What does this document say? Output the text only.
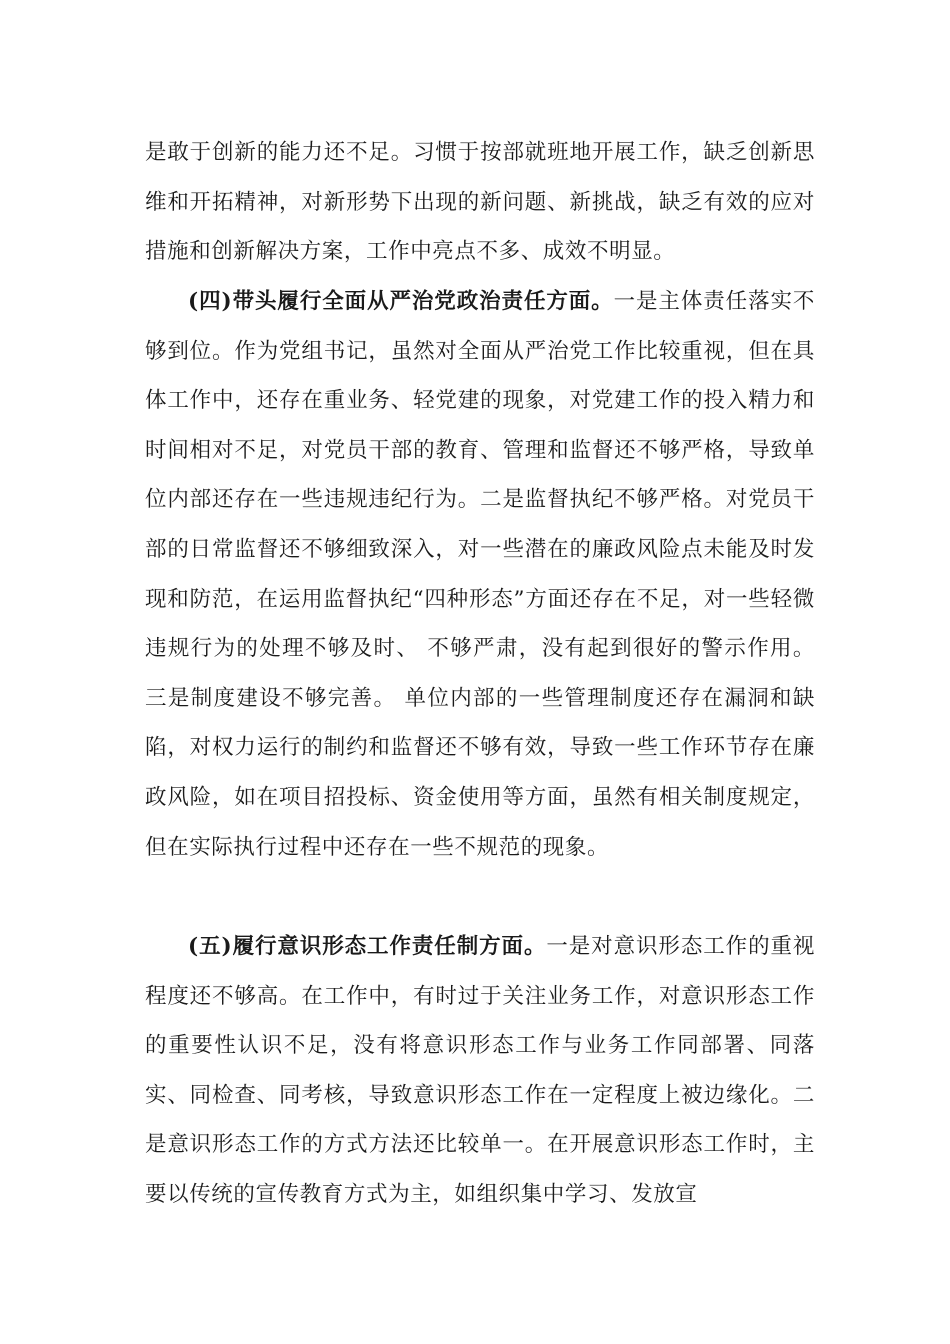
是敢于创新的能力还不足。习惯于按部就班地开展工作，缺乏创新思维和开拓精神，对新形势下出现的新问题、新挑战，缺乏有效的应对措施和创新解决方案，工作中亮点不多、成效不明显。

(四)带头履行全面从严治党政治责任方面。一是主体责任落实不够到位。作为党组书记，虽然对全面从严治党工作比较重视，但在具体工作中，还存在重业务、轻党建的现象，对党建工作的投入精力和时间相对不足，对党员干部的教育、管理和监督还不够严格，导致单位内部还存在一些违规违纪行为。二是监督执纪不够严格。对党员干部的日常监督还不够细致深入，对一些潜在的廉政风险点未能及时发现和防范，在运用监督执纪“四种形态”方面还存在不足，对一些轻微违规行为的处理不够及时、 不够严肃，没有起到很好的警示作用。三是制度建设不够完善。 单位内部的一些管理制度还存在漏洞和缺陷，对权力运行的制约和监督还不够有效，导致一些工作环节存在廉政风险，如在项目招投标、资金使用等方面，虽然有相关制度规定，但在实际执行过程中还存在一些不规范的现象。

(五)履行意识形态工作责任制方面。一是对意识形态工作的重视程度还不够高。在工作中，有时过于关注业务工作，对意识形态工作的重要性认识不足，没有将意识形态工作与业务工作同部署、同落实、同检查、同考核，导致意识形态工作在一定程度上被边缘化。二是意识形态工作的方式方法还比较单一。在开展意识形态工作时，主要以传统的宣传教育方式为主，如组织集中学习、发放宣
